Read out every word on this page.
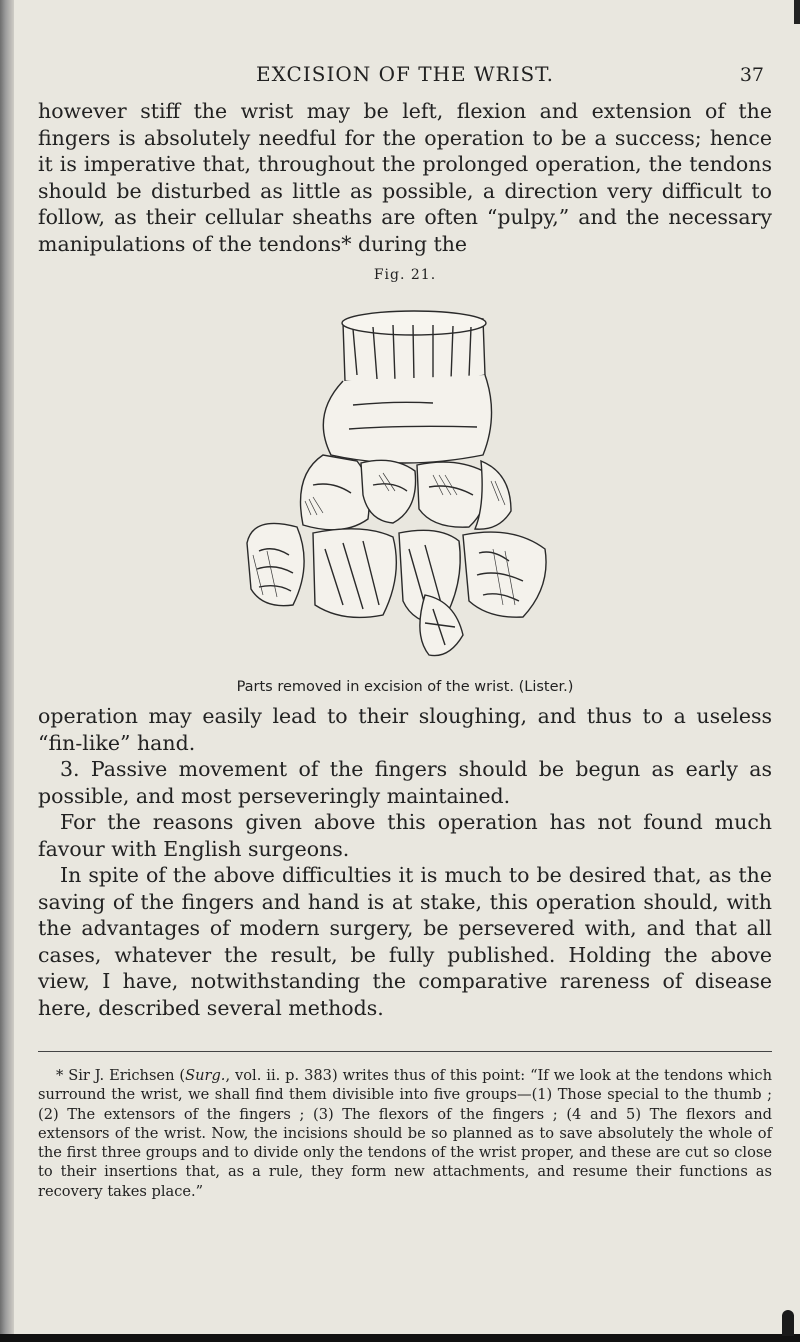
EXCISION OF THE WRIST.	37

however stiff the wrist may be left, flexion and extension of the fingers is absolutely needful for the operation to be a success; hence it is imperative that, throughout the prolonged operation, the tendons should be disturbed as little as possible, a direction very difficult to follow, as their cellular sheaths are often “pulpy,” and the necessary manipulations of the tendons* during the

Fig. 21.
Parts removed in excision of the wrist. (Lister.)

operation may easily lead to their sloughing, and thus to a useless “fin-like” hand.

3. Passive movement of the fingers should be begun as early as possible, and most perseveringly maintained.

For the reasons given above this operation has not found much favour with English surgeons.

In spite of the above difficulties it is much to be desired that, as the saving of the fingers and hand is at stake, this operation should, with the advantages of modern surgery, be persevered with, and that all cases, whatever the result, be fully published. Holding the above view, I have, notwithstanding the comparative rareness of disease here, described several methods.

* Sir J. Erichsen (Surg., vol. ii. p. 383) writes thus of this point: “If we look at the tendons which surround the wrist, we shall find them divisible into five groups—(1) Those special to the thumb ; (2) The extensors of the fingers ; (3) The flexors of the fingers ; (4 and 5) The flexors and extensors of the wrist. Now, the incisions should be so planned as to save absolutely the whole of the first three groups and to divide only the tendons of the wrist proper, and these are cut so close to their insertions that, as a rule, they form new attachments, and resume their functions as recovery takes place.”
